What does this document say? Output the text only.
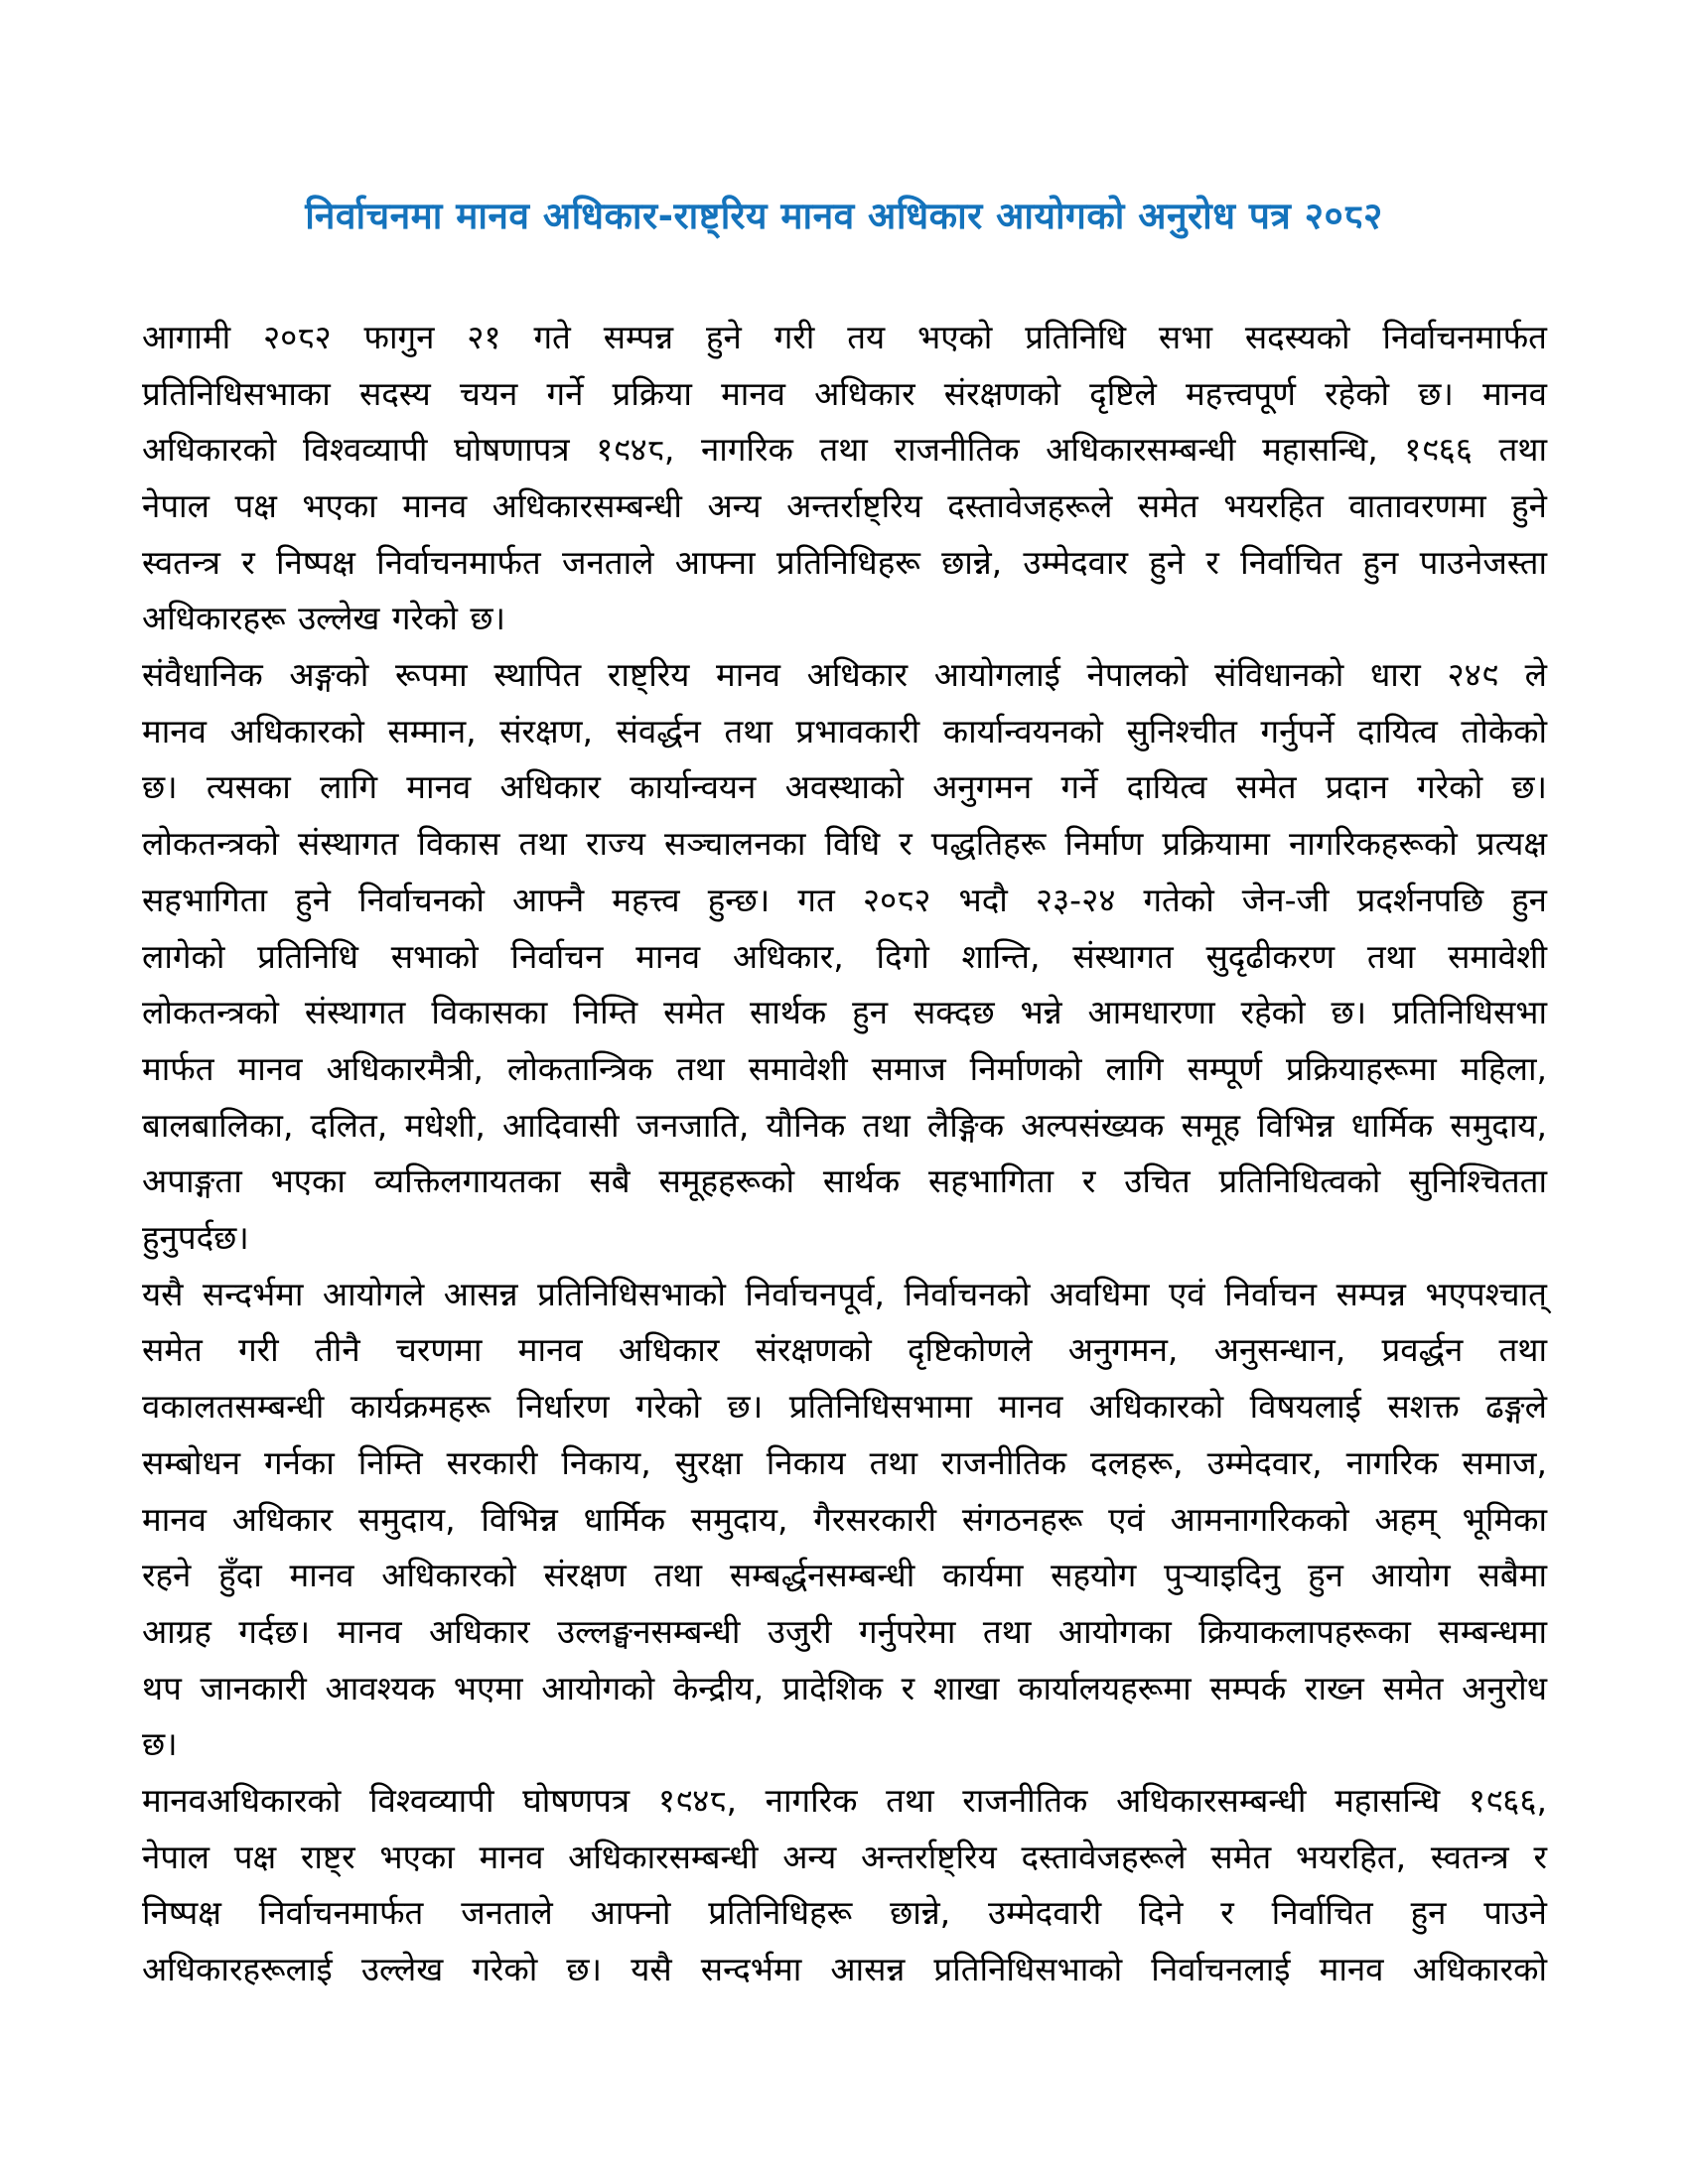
निर्वाचनमा मानव अधिकार-राष्ट्रिय मानव अधिकार आयोगको अनुरोध पत्र २०८२
आगामी २०८२ फागुन २१ गते सम्पन्न हुने गरी तय भएको प्रतिनिधि सभा सदस्यको निर्वाचनमार्फत
प्रतिनिधिसभाका सदस्य चयन गर्ने प्रक्रिया मानव अधिकार संरक्षणको दृष्टिले महत्त्वपूर्ण रहेको छ। मानव
अधिकारको विश्वव्यापी घोषणापत्र १९४८, नागरिक तथा राजनीतिक अधिकारसम्बन्धी महासन्धि, १९६६ तथा
नेपाल पक्ष भएका मानव अधिकारसम्बन्धी अन्य अन्तर्राष्ट्रिय दस्तावेजहरूले समेत भयरहित वातावरणमा हुने
स्वतन्त्र र निष्पक्ष निर्वाचनमार्फत जनताले आफ्ना प्रतिनिधिहरू छान्ने, उम्मेदवार हुने र निर्वाचित हुन पाउनेजस्ता
अधिकारहरू उल्लेख गरेको छ।
संवैधानिक अङ्गको रूपमा स्थापित राष्ट्रिय मानव अधिकार आयोगलाई नेपालको संविधानको धारा २४९ ले
मानव अधिकारको सम्मान, संरक्षण, संवर्द्धन तथा प्रभावकारी कार्यान्वयनको सुनिश्चीत गर्नुपर्ने दायित्व तोकेको
छ। त्यसका लागि मानव अधिकार कार्यान्वयन अवस्थाको अनुगमन गर्ने दायित्व समेत प्रदान गरेको छ।
लोकतन्त्रको संस्थागत विकास तथा राज्य सञ्चालनका विधि र पद्धतिहरू निर्माण प्रक्रियामा नागरिकहरूको प्रत्यक्ष
सहभागिता हुने निर्वाचनको आफ्नै महत्त्व हुन्छ। गत २०८२ भदौ २३-२४ गतेको जेन-जी प्रदर्शनपछि हुन
लागेको प्रतिनिधि सभाको निर्वाचन मानव अधिकार, दिगो शान्ति, संस्थागत सुदृढीकरण तथा समावेशी
लोकतन्त्रको संस्थागत विकासका निम्ति समेत सार्थक हुन सक्दछ भन्ने आमधारणा रहेको छ। प्रतिनिधिसभा
मार्फत मानव अधिकारमैत्री, लोकतान्त्रिक तथा समावेशी समाज निर्माणको लागि सम्पूर्ण प्रक्रियाहरूमा महिला,
बालबालिका, दलित, मधेशी, आदिवासी जनजाति, यौनिक तथा लैङ्गिक अल्पसंख्यक समूह विभिन्न धार्मिक समुदाय,
अपाङ्गता भएका व्यक्तिलगायतका सबै समूहहरूको सार्थक सहभागिता र उचित प्रतिनिधित्वको सुनिश्चितता
हुनुपर्दछ।
यसै सन्दर्भमा आयोगले आसन्न प्रतिनिधिसभाको निर्वाचनपूर्व, निर्वाचनको अवधिमा एवं निर्वाचन सम्पन्न भएपश्चात्
समेत गरी तीनै चरणमा मानव अधिकार संरक्षणको दृष्टिकोणले अनुगमन, अनुसन्धान, प्रवर्द्धन तथा
वकालतसम्बन्धी कार्यक्रमहरू निर्धारण गरेको छ। प्रतिनिधिसभामा मानव अधिकारको विषयलाई सशक्त ढङ्गले
सम्बोधन गर्नका निम्ति सरकारी निकाय, सुरक्षा निकाय तथा राजनीतिक दलहरू, उम्मेदवार, नागरिक समाज,
मानव अधिकार समुदाय, विभिन्न धार्मिक समुदाय, गैरसरकारी संगठनहरू एवं आमनागरिकको अहम् भूमिका
रहने हुँदा मानव अधिकारको संरक्षण तथा सम्बर्द्धनसम्बन्धी कार्यमा सहयोग पुऱ्याइदिनु हुन आयोग सबैमा
आग्रह गर्दछ। मानव अधिकार उल्लङ्घनसम्बन्धी उजुरी गर्नुपरेमा तथा आयोगका क्रियाकलापहरूका सम्बन्धमा
थप जानकारी आवश्यक भएमा आयोगको केन्द्रीय, प्रादेशिक र शाखा कार्यालयहरूमा सम्पर्क राख्न समेत अनुरोध
छ।
मानवअधिकारको विश्वव्यापी घोषणपत्र १९४८, नागरिक तथा राजनीतिक अधिकारसम्बन्धी महासन्धि १९६६,
नेपाल पक्ष राष्ट्र भएका मानव अधिकारसम्बन्धी अन्य अन्तर्राष्ट्रिय दस्तावेजहरूले समेत भयरहित, स्वतन्त्र र
निष्पक्ष निर्वाचनमार्फत जनताले आफ्नो प्रतिनिधिहरू छान्ने, उम्मेदवारी दिने र निर्वाचित हुन पाउने
अधिकारहरूलाई उल्लेख गरेको छ। यसै सन्दर्भमा आसन्न प्रतिनिधिसभाको निर्वाचनलाई मानव अधिकारको
